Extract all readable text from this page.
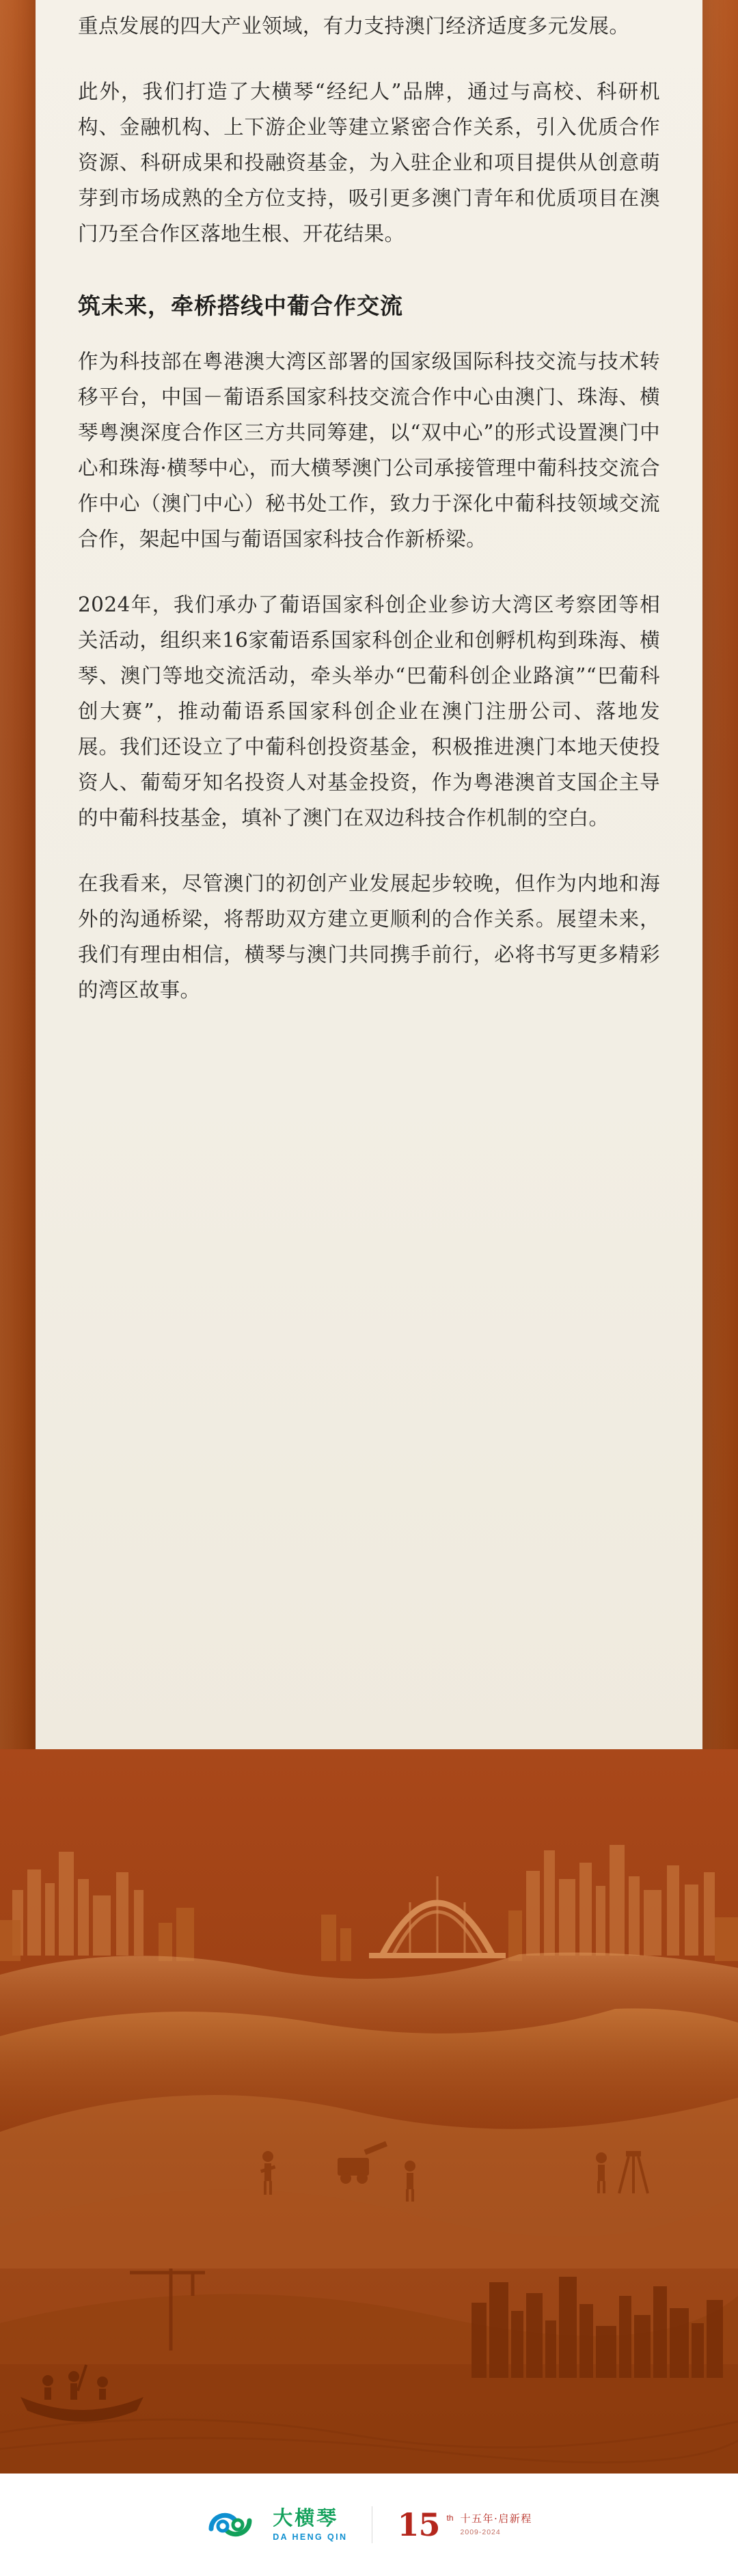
重点发展的四大产业领域，有力支持澳门经济适度多元发展。

此外，我们打造了大横琴“经纪人”品牌，通过与高校、科研机构、金融机构、上下游企业等建立紧密合作关系，引入优质合作资源、科研成果和投融资基金，为入驻企业和项目提供从创意萌芽到市场成熟的全方位支持，吸引更多澳门青年和优质项目在澳门乃至合作区落地生根、开花结果。

筑未来，牵桥搭线中葡合作交流

作为科技部在粤港澳大湾区部署的国家级国际科技交流与技术转移平台，中国－葡语系国家科技交流合作中心由澳门、珠海、横琴粤澳深度合作区三方共同筹建，以“双中心”的形式设置澳门中心和珠海·横琴中心，而大横琴澳门公司承接管理中葡科技交流合作中心（澳门中心）秘书处工作，致力于深化中葡科技领域交流合作，架起中国与葡语国家科技合作新桥梁。

2024年，我们承办了葡语国家科创企业参访大湾区考察团等相关活动，组织来16家葡语系国家科创企业和创孵机构到珠海、横琴、澳门等地交流活动，牵头举办“巴葡科创企业路演”“巴葡科创大赛”，推动葡语系国家科创企业在澳门注册公司、落地发展。我们还设立了中葡科创投资基金，积极推进澳门本地天使投资人、葡萄牙知名投资人对基金投资，作为粤港澳首支国企主导的中葡科技基金，填补了澳门在双边科技合作机制的空白。

在我看来，尽管澳门的初创产业发展起步较晚，但作为内地和海外的沟通桥梁，将帮助双方建立更顺利的合作关系。展望未来，我们有理由相信，横琴与澳门共同携手前行，必将书写更多精彩的湾区故事。

大横琴
DA HENG QIN 15 th 十五年·启新程
2009-2024
